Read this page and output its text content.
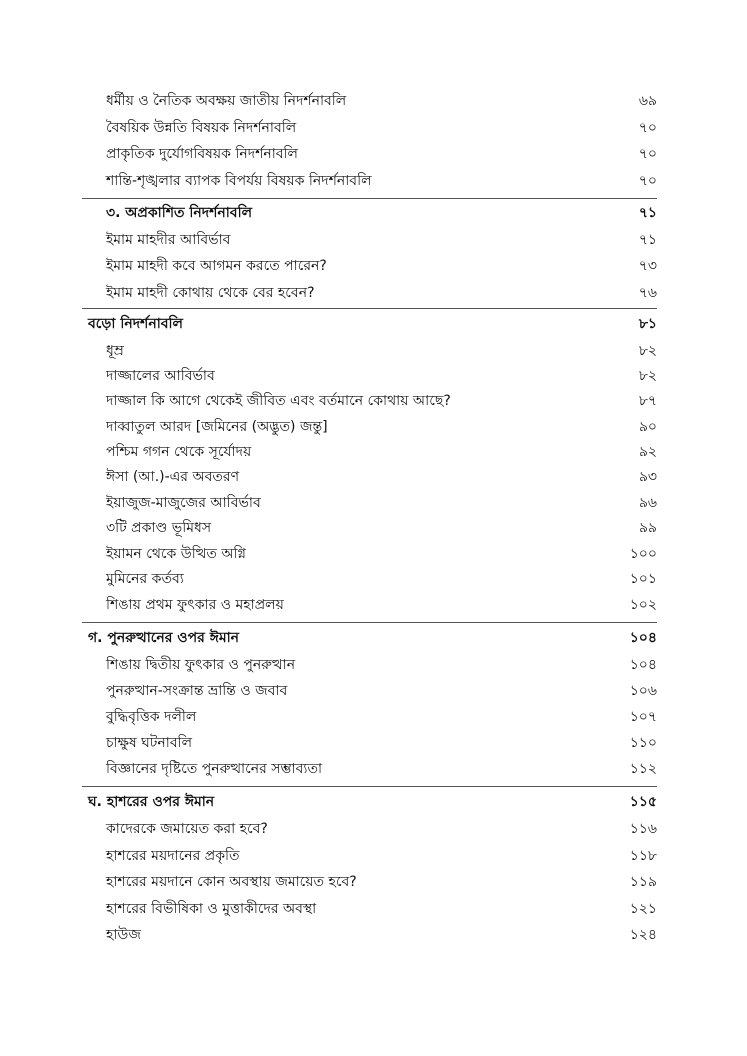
ধর্মীয় ও নৈতিক অবক্ষয় জাতীয় নিদর্শনাবলি	৬৯
বৈষয়িক উন্নতি বিষয়ক নিদর্শনাবলি	৭০
প্রাকৃতিক দুর্যোগবিষয়ক নিদর্শনাবলি	৭০
শান্তি-শৃঙ্খলার ব্যাপক বিপর্যয় বিষয়ক নিদর্শনাবলি	৭০
৩. অপ্রকাশিত নিদর্শনাবলি	৭১
ইমাম মাহদীর আবির্ভাব	৭১
ইমাম মাহদী কবে আগমন করতে পারেন?	৭৩
ইমাম মাহদী কোথায় থেকে বের হবেন?	৭৬
বড়ো নিদর্শনাবলি	৮১
ধূম্র	৮২
দাজ্জালের আবির্ভাব	৮২
দাজ্জাল কি আগে থেকেই জীবিত এবং বর্তমানে কোথায় আছে?	৮৭
দাব্বাতুল আরদ [জমিনের (অদ্ভুত) জন্তু]	৯০
পশ্চিম গগন থেকে সূর্যোদয়	৯২
ঈসা (আ.)-এর অবতরণ	৯৩
ইয়াজুজ-মাজুজের আবির্ভাব	৯৬
৩টি প্রকাণ্ড ভূমিধস	৯৯
ইয়ামন থেকে উত্থিত অগ্নি	১০০
মুমিনের কর্তব্য	১০১
শিঙায় প্রথম ফুৎকার ও মহাপ্রলয়	১০২
গ. পুনরুত্থানের ওপর ঈমান	১০৪
শিঙায় দ্বিতীয় ফুৎকার ও পুনরুত্থান	১০৪
পুনরুত্থান-সংক্রান্ত ভ্রান্তি ও জবাব	১০৬
বুদ্ধিবৃত্তিক দলীল	১০৭
চাক্ষুষ ঘটনাবলি	১১০
বিজ্ঞানের দৃষ্টিতে পুনরুত্থানের সম্ভাব্যতা	১১২
ঘ. হাশরের ওপর ঈমান	১১৫
কাদেরকে জমায়েত করা হবে?	১১৬
হাশরের ময়দানের প্রকৃতি	১১৮
হাশরের ময়দানে কোন অবস্থায় জমায়েত হবে?	১১৯
হাশরের বিভীষিকা ও মুত্তাকীদের অবস্থা	১২১
হাউজ	১২৪
